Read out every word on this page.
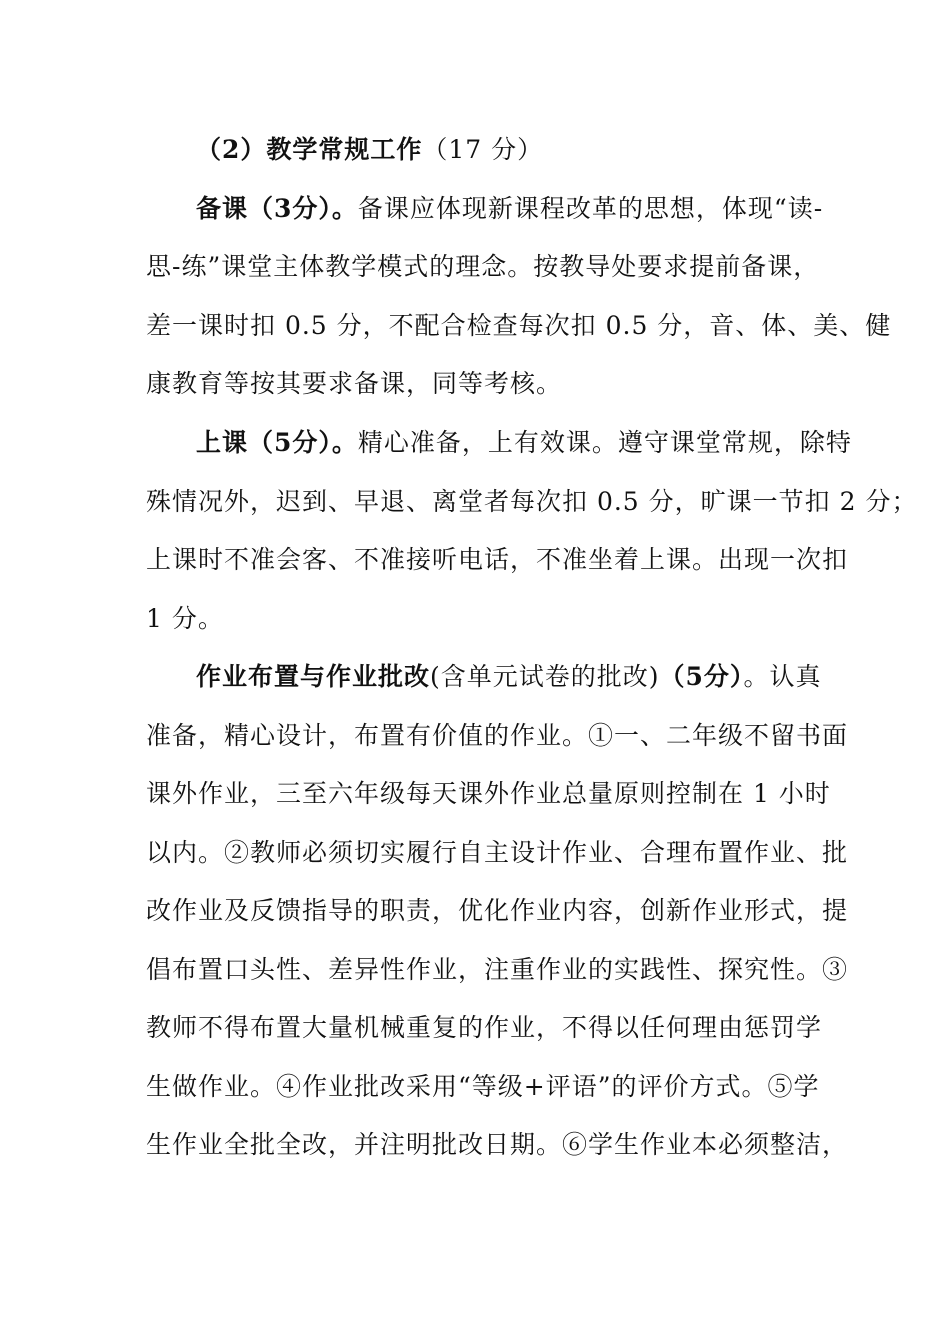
（2）教学常规工作（17 分）
备课（3分）。备课应体现新课程改革的思想，体现“读-
思-练”课堂主体教学模式的理念。按教导处要求提前备课，
差一课时扣 0.5 分，不配合检查每次扣 0.5 分，音、体、美、健
康教育等按其要求备课，同等考核。
上课（5分）。精心准备，上有效课。遵守课堂常规，除特
殊情况外，迟到、早退、离堂者每次扣 0.5 分，旷课一节扣 2 分；
上课时不准会客、不准接听电话，不准坐着上课。出现一次扣
1 分。
作业布置与作业批改(含单元试卷的批改)（5分）。认真
准备，精心设计，布置有价值的作业。①一、二年级不留书面
课外作业，三至六年级每天课外作业总量原则控制在 1 小时
以内。②教师必须切实履行自主设计作业、合理布置作业、批
改作业及反馈指导的职责，优化作业内容，创新作业形式，提
倡布置口头性、差异性作业，注重作业的实践性、探究性。③
教师不得布置大量机械重复的作业，不得以任何理由惩罚学
生做作业。④作业批改采用“等级+评语”的评价方式。⑤学
生作业全批全改，并注明批改日期。⑥学生作业本必须整洁，
